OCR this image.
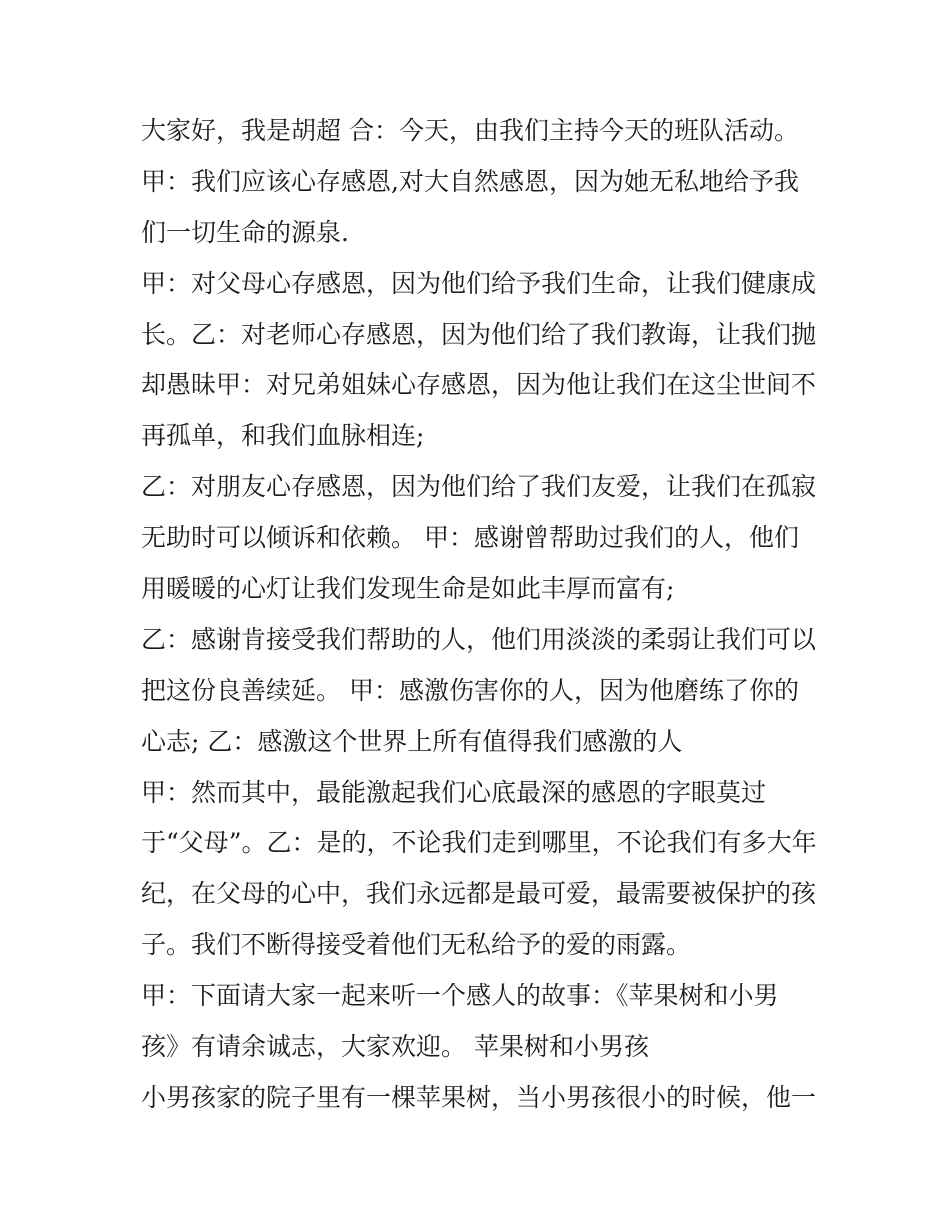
大家好，我是胡超 合：今天，由我们主持今天的班队活动。
甲：我们应该心存感恩,对大自然感恩，因为她无私地给予我
们一切生命的源泉.
甲：对父母心存感恩，因为他们给予我们生命，让我们健康成
长。乙：对老师心存感恩，因为他们给了我们教诲，让我们抛
却愚昧甲：对兄弟姐妹心存感恩，因为他让我们在这尘世间不
再孤单，和我们血脉相连;
乙：对朋友心存感恩，因为他们给了我们友爱，让我们在孤寂
无助时可以倾诉和依赖。 甲：感谢曾帮助过我们的人，他们
用暖暖的心灯让我们发现生命是如此丰厚而富有;
乙：感谢肯接受我们帮助的人，他们用淡淡的柔弱让我们可以
把这份良善续延。 甲：感激伤害你的人，因为他磨练了你的
心志; 乙：感激这个世界上所有值得我们感激的人
甲：然而其中，最能激起我们心底最深的感恩的字眼莫过
于“父母”。乙：是的，不论我们走到哪里，不论我们有多大年
纪，在父母的心中，我们永远都是最可爱，最需要被保护的孩
子。我们不断得接受着他们无私给予的爱的雨露。
甲：下面请大家一起来听一个感人的故事：《苹果树和小男
孩》有请余诚志，大家欢迎。 苹果树和小男孩
小男孩家的院子里有一棵苹果树，当小男孩很小的时候，他一
